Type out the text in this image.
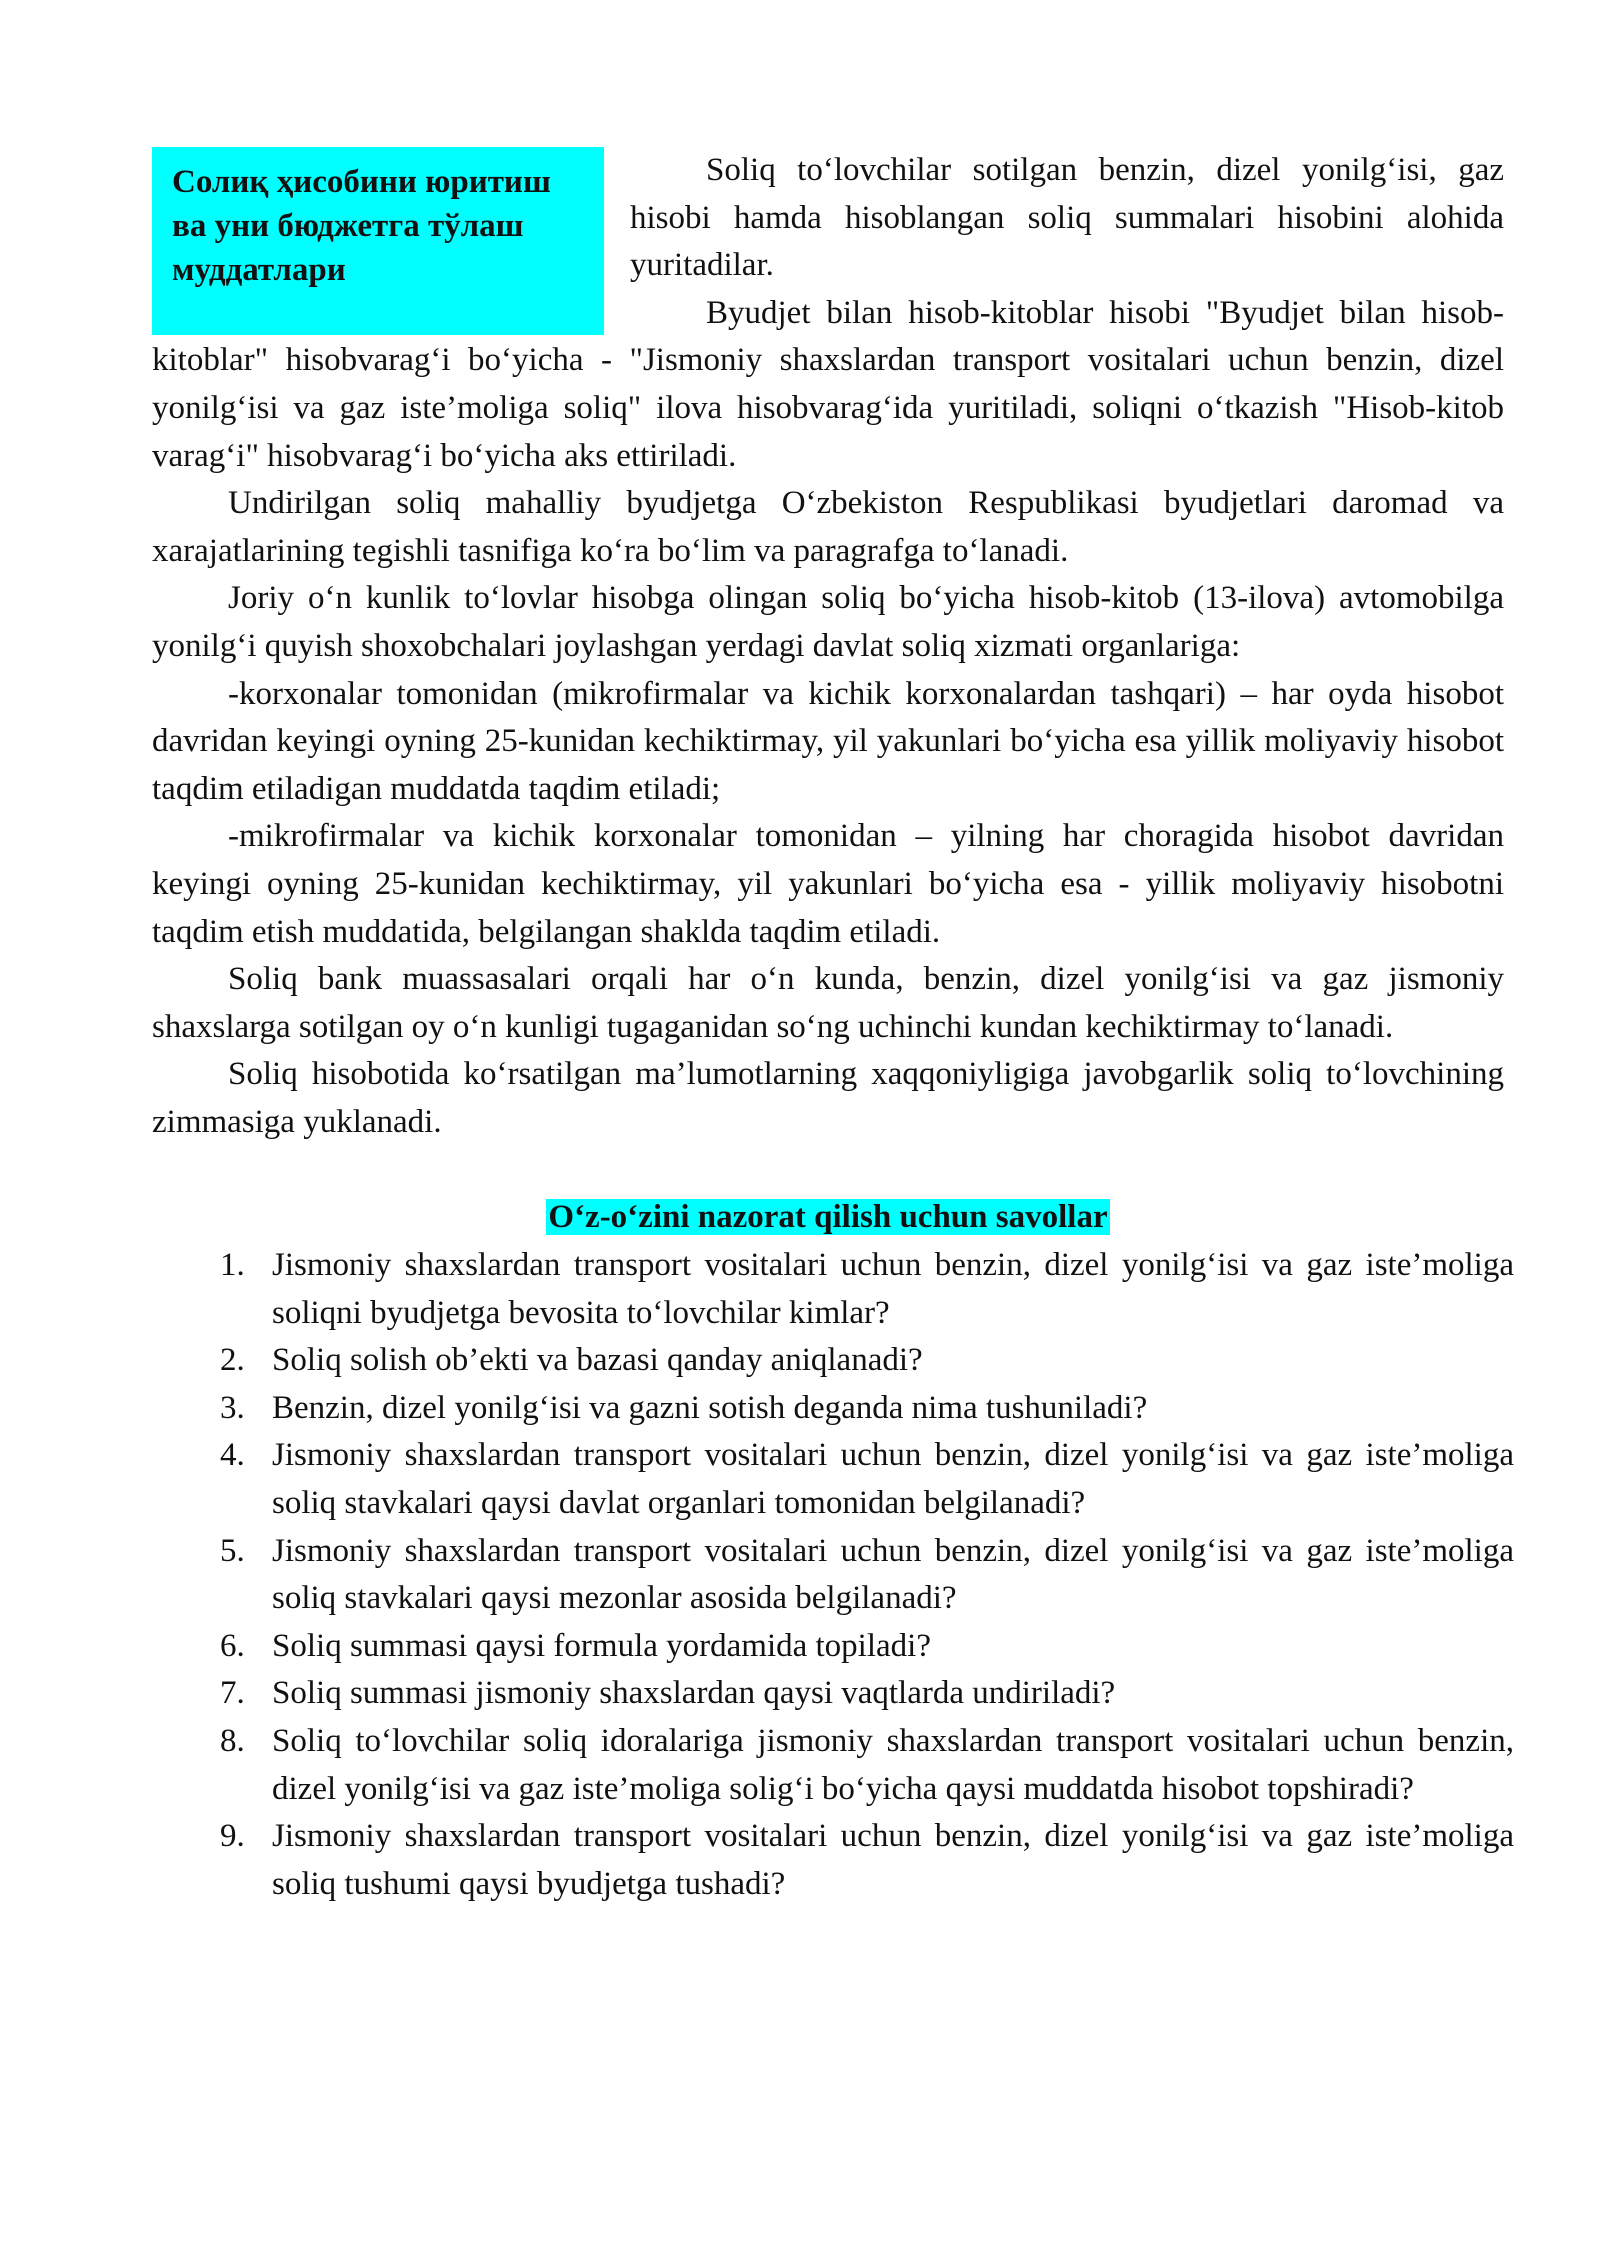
Солиқ ҳисобини юритиш ва уни бюджетга тўлаш муддатлари

Soliq to‘lovchilar sotilgan benzin, dizel yonilg‘isi, gaz hisobi hamda hisoblangan soliq summalari hisobini alohida yuritadilar.

Byudjet bilan hisob-kitoblar hisobi "Byudjet bilan hisob-kitoblar" hisobvarag‘i bo‘yicha - "Jismoniy shaxslardan transport vositalari uchun benzin, dizel yonilg‘isi va gaz iste’moliga soliq" ilova hisobvarag‘ida yuritiladi, soliqni o‘tkazish "Hisob-kitob varag‘i" hisobvarag‘i bo‘yicha aks ettiriladi.

Undirilgan soliq mahalliy byudjetga O‘zbekiston Respublikasi byudjetlari daromad va xarajatlarining tegishli tasnifiga ko‘ra bo‘lim va paragrafga to‘lanadi.

Joriy o‘n kunlik to‘lovlar hisobga olingan soliq bo‘yicha hisob-kitob (13-ilova) avtomobilga yonilg‘i quyish shoxobchalari joylashgan yerdagi davlat soliq xizmati organlariga:

-korxonalar tomonidan (mikrofirmalar va kichik korxonalardan tashqari) – har oyda hisobot davridan keyingi oyning 25-kunidan kechiktirmay, yil yakunlari bo‘yicha esa yillik moliyaviy hisobot taqdim etiladigan muddatda taqdim etiladi;

-mikrofirmalar va kichik korxonalar tomonidan – yilning har choragida hisobot davridan keyingi oyning 25-kunidan kechiktirmay, yil yakunlari bo‘yicha esa - yillik moliyaviy hisobotni taqdim etish muddatida, belgilangan shaklda taqdim etiladi.

Soliq bank muassasalari orqali har o‘n kunda, benzin, dizel yonilg‘isi va gaz jismoniy shaxslarga sotilgan oy o‘n kunligi tugaganidan so‘ng uchinchi kundan kechiktirmay to‘lanadi.

Soliq hisobotida ko‘rsatilgan ma’lumotlarning xaqqoniyligiga javobgarlik soliq to‘lovchining zimmasiga yuklanadi.

O‘z-o‘zini nazorat qilish uchun savollar
1. Jismoniy shaxslardan transport vositalari uchun benzin, dizel yonilg‘isi va gaz iste’moliga soliqni byudjetga bevosita to‘lovchilar kimlar?
2. Soliq solish ob’ekti va bazasi qanday aniqlanadi?
3. Benzin, dizel yonilg‘isi va gazni sotish deganda nima tushuniladi?
4. Jismoniy shaxslardan transport vositalari uchun benzin, dizel yonilg‘isi va gaz iste’moliga soliq stavkalari qaysi davlat organlari tomonidan belgilanadi?
5. Jismoniy shaxslardan transport vositalari uchun benzin, dizel yonilg‘isi va gaz iste’moliga soliq stavkalari qaysi mezonlar asosida belgilanadi?
6. Soliq summasi qaysi formula yordamida topiladi?
7. Soliq summasi jismoniy shaxslardan qaysi vaqtlarda undiriladi?
8. Soliq to‘lovchilar soliq idoralariga jismoniy shaxslardan transport vositalari uchun benzin, dizel yonilg‘isi va gaz iste’moliga solig‘i bo‘yicha qaysi muddatda hisobot topshiradi?
9. Jismoniy shaxslardan transport vositalari uchun benzin, dizel yonilg‘isi va gaz iste’moliga soliq tushumi qaysi byudjetga tushadi?
